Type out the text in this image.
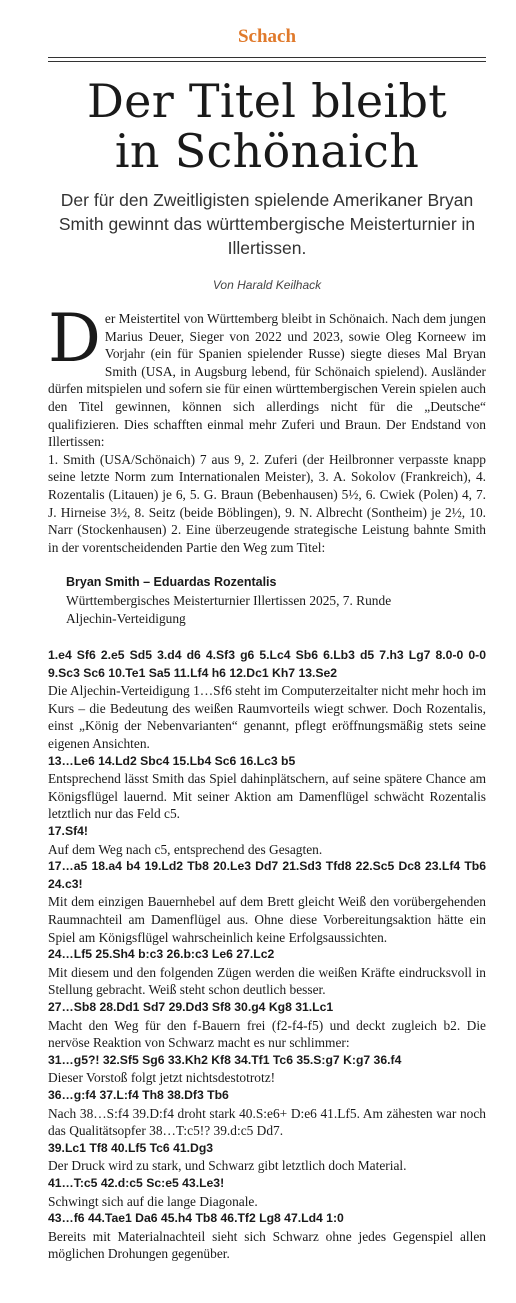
Schach
Der Titel bleibt
in Schönaich

Der für den Zweitligisten spielende Amerikaner Bryan Smith gewinnt das württembergische Meisterturnier in Illertissen.

Von Harald Keilhack

Der Meistertitel von Württemberg bleibt in Schönaich. Nach dem jungen Marius Deuer, Sieger von 2022 und 2023, sowie Oleg Korneew im Vorjahr (ein für Spanien spielender Russe) siegte dieses Mal Bryan Smith (USA, in Augsburg lebend, für Schönaich spielend). Ausländer dürfen mitspielen und sofern sie für einen württembergischen Verein spielen auch den Titel gewinnen, können sich allerdings nicht für die „Deutsche“ qualifizieren. Dies schafften einmal mehr Zuferi und Braun. Der Endstand von Illertissen:
1. Smith (USA/Schönaich) 7 aus 9, 2. Zuferi (der Heilbronner verpasste knapp seine letzte Norm zum Internationalen Meister), 3. A. Sokolov (Frankreich), 4. Rozentalis (Litauen) je 6, 5. G. Braun (Bebenhausen) 5½, 6. Cwiek (Polen) 4, 7. J. Hirneise 3½, 8. Seitz (beide Böblingen), 9. N. Albrecht (Sontheim) je 2½, 10. Narr (Stockenhausen) 2. Eine überzeugende strategische Leistung bahnte Smith in der vorentscheidenden Partie den Weg zum Titel:

Bryan Smith – Eduardas Rozentalis
Württembergisches Meisterturnier Illertissen 2025, 7. Runde
Aljechin-Verteidigung

1.e4 Sf6 2.e5 Sd5 3.d4 d6 4.Sf3 g6 5.Lc4 Sb6 6.Lb3 d5 7.h3 Lg7 8.0-0 0-0 9.Sc3 Sc6 10.Te1 Sa5 11.Lf4 h6 12.Dc1 Kh7 13.Se2

Die Aljechin-Verteidigung 1…Sf6 steht im Computerzeitalter nicht mehr hoch im Kurs – die Bedeutung des weißen Raumvorteils wiegt schwer. Doch Rozentalis, einst „König der Nebenvarianten“ genannt, pflegt eröffnungsmäßig stets seine eigenen Ansichten.

13…Le6 14.Ld2 Sbc4 15.Lb4 Sc6 16.Lc3 b5

Entsprechend lässt Smith das Spiel dahinplätschern, auf seine spätere Chance am Königsflügel lauernd. Mit seiner Aktion am Damenflügel schwächt Rozentalis letztlich nur das Feld c5.

17.Sf4!

Auf dem Weg nach c5, entsprechend des Gesagten.

17…a5 18.a4 b4 19.Ld2 Tb8 20.Le3 Dd7 21.Sd3 Tfd8 22.Sc5 Dc8 23.Lf4 Tb6 24.c3!

Mit dem einzigen Bauernhebel auf dem Brett gleicht Weiß den vorübergehenden Raumnachteil am Damenflügel aus. Ohne diese Vorbereitungsaktion hätte ein Spiel am Königsflügel wahrscheinlich keine Erfolgsaussichten.

24…Lf5 25.Sh4 b:c3 26.b:c3 Le6 27.Lc2

Mit diesem und den folgenden Zügen werden die weißen Kräfte eindrucksvoll in Stellung gebracht. Weiß steht schon deutlich besser.

27…Sb8 28.Dd1 Sd7 29.Dd3 Sf8 30.g4 Kg8 31.Lc1

Macht den Weg für den f-Bauern frei (f2-f4-f5) und deckt zugleich b2. Die nervöse Reaktion von Schwarz macht es nur schlimmer:

31…g5?! 32.Sf5 Sg6 33.Kh2 Kf8 34.Tf1 Tc6 35.S:g7 K:g7 36.f4

Dieser Vorstoß folgt jetzt nichtsdestotrotz!

36…g:f4 37.L:f4 Th8 38.Df3 Tb6

Nach 38…S:f4 39.D:f4 droht stark 40.S:e6+ D:e6 41.Lf5. Am zähesten war noch das Qualitätsopfer 38…T:c5!? 39.d:c5 Dd7.

39.Lc1 Tf8 40.Lf5 Tc6 41.Dg3

Der Druck wird zu stark, und Schwarz gibt letztlich doch Material.

41…T:c5 42.d:c5 Sc:e5 43.Le3!

Schwingt sich auf die lange Diagonale.

43…f6 44.Tae1 Da6 45.h4 Tb8 46.Tf2 Lg8 47.Ld4 1:0

Bereits mit Materialnachteil sieht sich Schwarz ohne jedes Gegenspiel allen möglichen Drohungen gegenüber.
